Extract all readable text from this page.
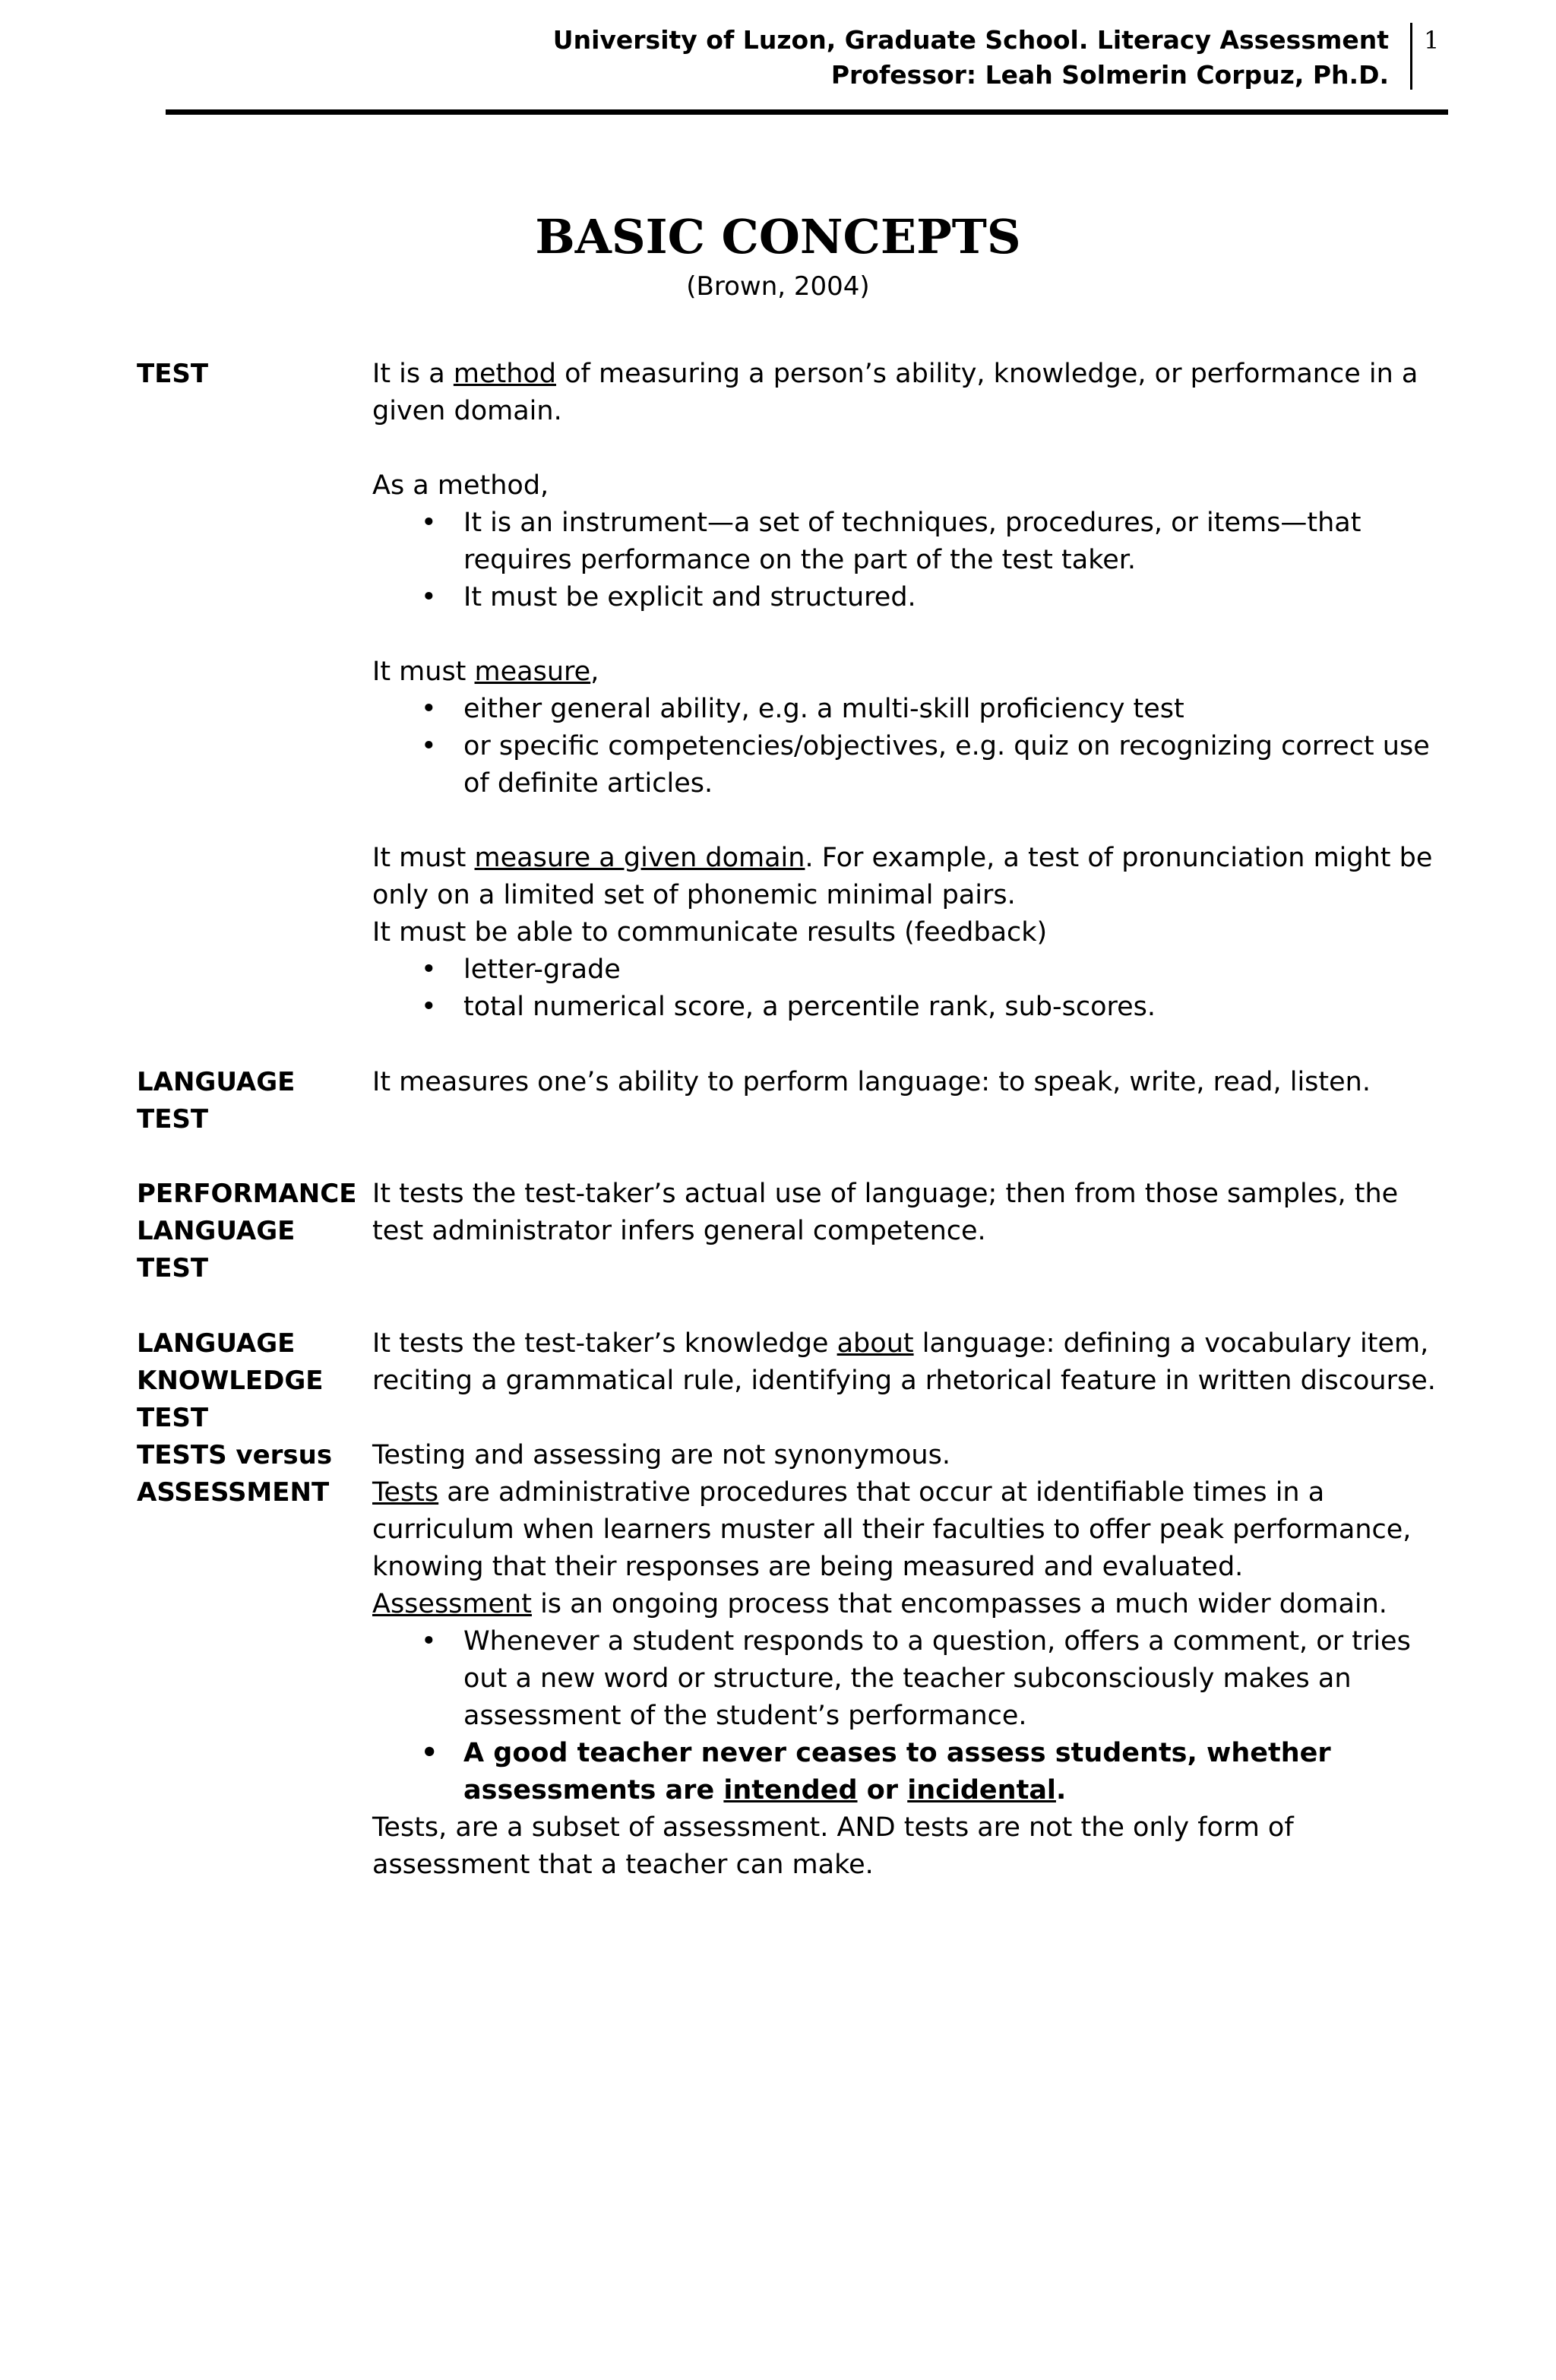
University of Luzon, Graduate School. Literacy Assessment
Professor: Leah Solmerin Corpuz, Ph.D.
1
BASIC CONCEPTS
(Brown, 2004)
TEST	It is a method of measuring a person’s ability, knowledge, or performance in a given domain.

As a method,

• It is an instrument—a set of techniques, procedures, or items—that requires performance on the part of the test taker.
• It must be explicit and structured.

It must measure,

• either general ability, e.g. a multi-skill proficiency test
• or specific competencies/objectives, e.g. quiz on recognizing correct use of definite articles.

It must measure a given domain. For example, a test of pronunciation might be only on a limited set of phonemic minimal pairs.

It must be able to communicate results (feedback)

• letter-grade
• total numerical score, a percentile rank, sub-scores.
LANGUAGE
TEST

It measures one’s ability to perform language: to speak, write, read, listen.

PERFORMANCE
LANGUAGE
TEST

It tests the test-taker’s actual use of language; then from those samples, the test administrator infers general competence.

LANGUAGE
KNOWLEDGE
TEST
TESTS versus
ASSESSMENT

It tests the test-taker’s knowledge about language: defining a vocabulary item, reciting a grammatical rule, identifying a rhetorical feature in written discourse.

Testing and assessing are not synonymous.

Tests are administrative procedures that occur at identifiable times in a curriculum when learners muster all their faculties to offer peak performance, knowing that their responses are being measured and evaluated.

Assessment is an ongoing process that encompasses a much wider domain.

• Whenever a student responds to a question, offers a comment, or tries out a new word or structure, the teacher subconsciously makes an assessment of the student’s performance.
• A good teacher never ceases to assess students, whether assessments are intended or incidental.

Tests, are a subset of assessment. AND tests are not the only form of assessment that a teacher can make.
